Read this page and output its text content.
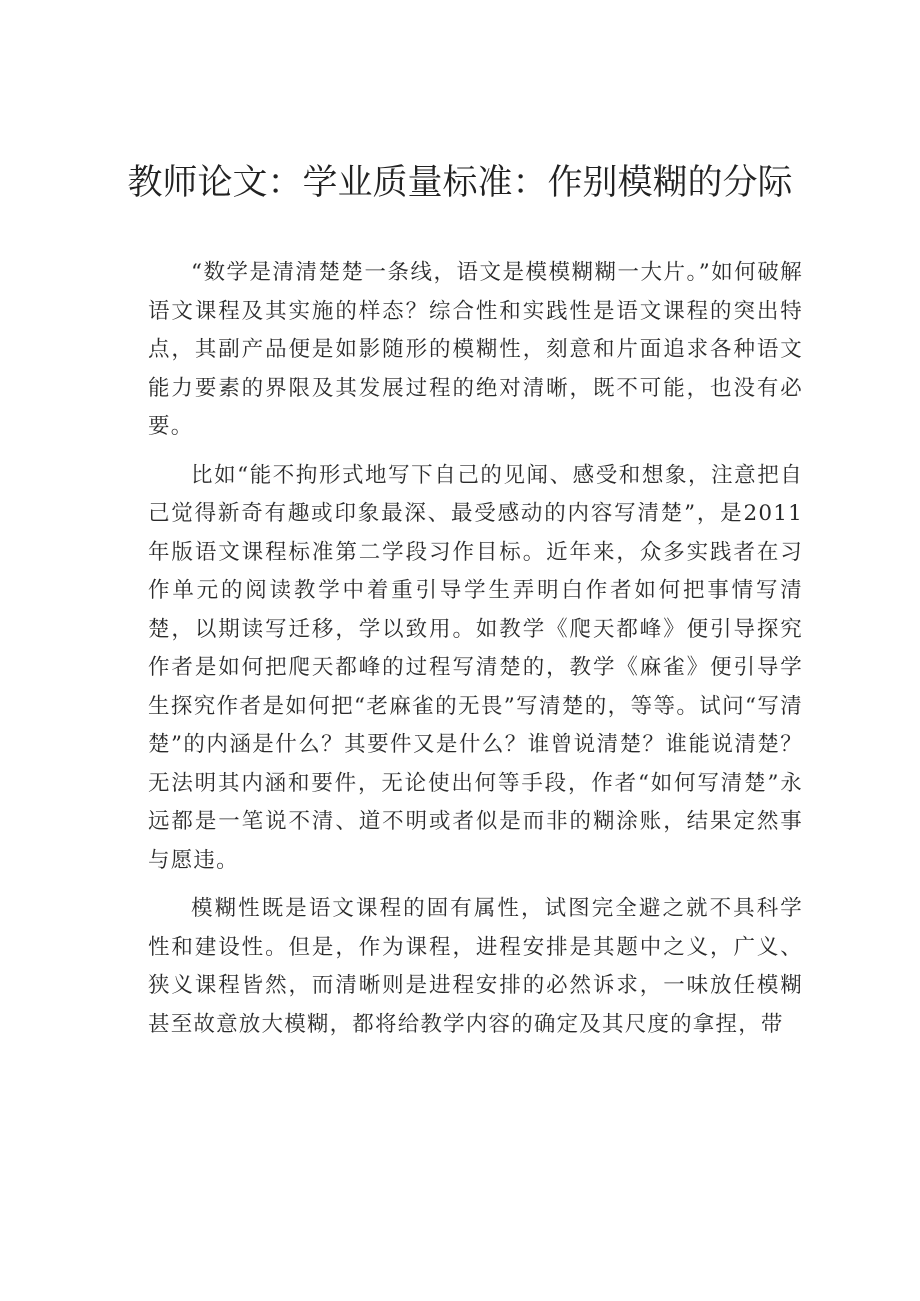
教师论文：学业质量标准：作别模糊的分际

“数学是清清楚楚一条线，语文是模模糊糊一大片。”如何破解语文课程及其实施的样态？综合性和实践性是语文课程的突出特点，其副产品便是如影随形的模糊性，刻意和片面追求各种语文能力要素的界限及其发展过程的绝对清晰，既不可能，也没有必要。

比如“能不拘形式地写下自己的见闻、感受和想象，注意把自己觉得新奇有趣或印象最深、最受感动的内容写清楚”，是2011年版语文课程标准第二学段习作目标。近年来，众多实践者在习作单元的阅读教学中着重引导学生弄明白作者如何把事情写清楚，以期读写迁移，学以致用。如教学《爬天都峰》便引导探究作者是如何把爬天都峰的过程写清楚的，教学《麻雀》便引导学生探究作者是如何把“老麻雀的无畏”写清楚的，等等。试问“写清楚”的内涵是什么？其要件又是什么？谁曾说清楚？谁能说清楚？无法明其内涵和要件，无论使出何等手段，作者“如何写清楚”永远都是一笔说不清、道不明或者似是而非的糊涂账，结果定然事与愿违。

模糊性既是语文课程的固有属性，试图完全避之就不具科学性和建设性。但是，作为课程，进程安排是其题中之义，广义、狭义课程皆然，而清晰则是进程安排的必然诉求，一味放任模糊甚至故意放大模糊，都将给教学内容的确定及其尺度的拿捏，带
